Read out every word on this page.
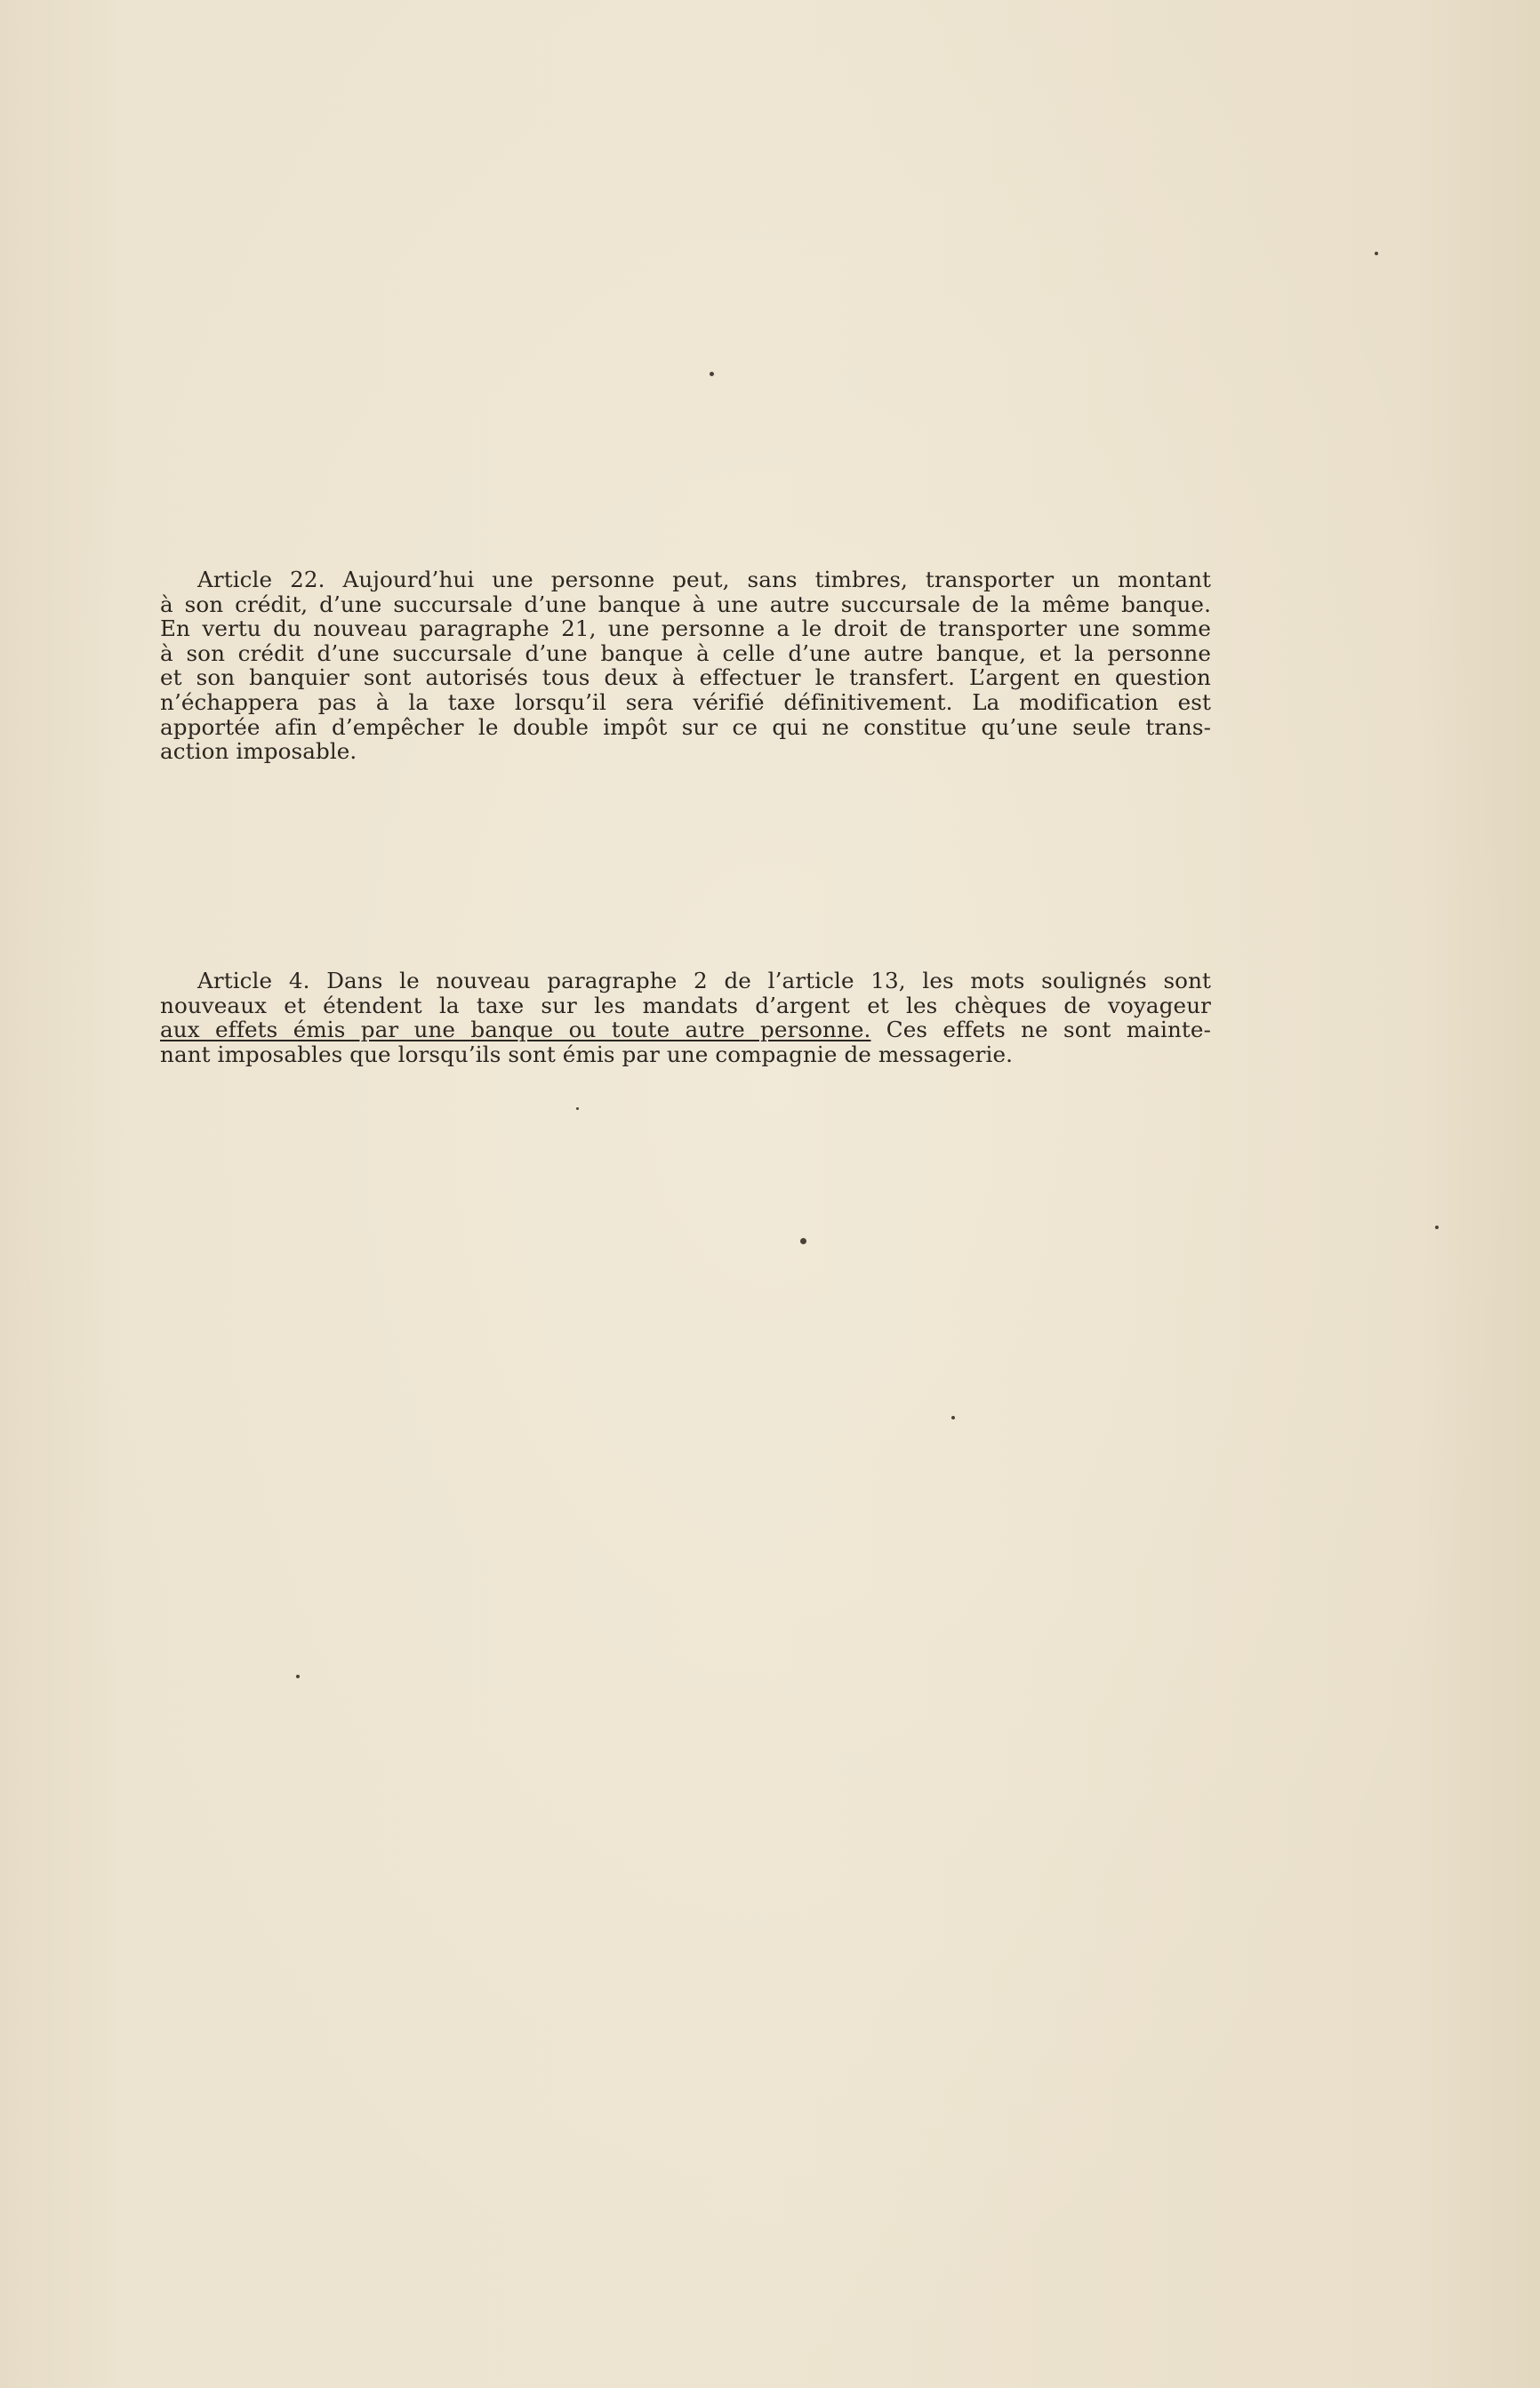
Article 22. Aujourd’hui une personne peut, sans timbres, transporter un montant
à son crédit, d’une succursale d’une banque à une autre succursale de la même banque.
En vertu du nouveau paragraphe 21, une personne a le droit de transporter une somme
à son crédit d’une succursale d’une banque à celle d’une autre banque, et la personne
et son banquier sont autorisés tous deux à effectuer le transfert. L’argent en question
n’échappera pas à la taxe lorsqu’il sera vérifié définitivement. La modification est
apportée afin d’empêcher le double impôt sur ce qui ne constitue qu’une seule trans-
action imposable.

Article 4. Dans le nouveau paragraphe 2 de l’article 13, les mots soulignés sont
nouveaux et étendent la taxe sur les mandats d’argent et les chèques de voyageur
aux effets émis par une banque ou toute autre personne. Ces effets ne sont mainte-
nant imposables que lorsqu’ils sont émis par une compagnie de messagerie.
